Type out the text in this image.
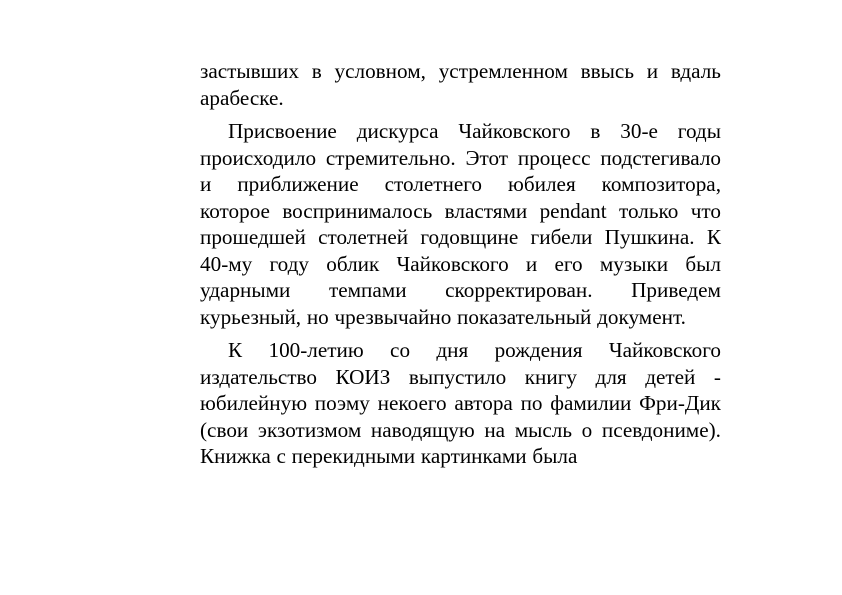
застывших в условном, устремленном ввысь и вдаль
арабеске.
Присвоение дискурса Чайковского в 30-е годы
происходило стремительно. Этот процесс подстегивало
и приближение столетнего юбилея композитора,
которое воспринималось властями pendant только что
прошедшей столетней годовщине гибели Пушкина. К
40-му году облик Чайковского и его музыки был
ударными темпами скорректирован. Приведем
курьезный, но чрезвычайно показательный документ.
К 100-летию со дня рождения Чайковского
издательство КОИЗ выпустило книгу для детей -
юбилейную поэму некоего автора по фамилии Фри-Дик
(свои экзотизмом наводящую на мысль о псевдониме).
Книжка с перекидными картинками была
